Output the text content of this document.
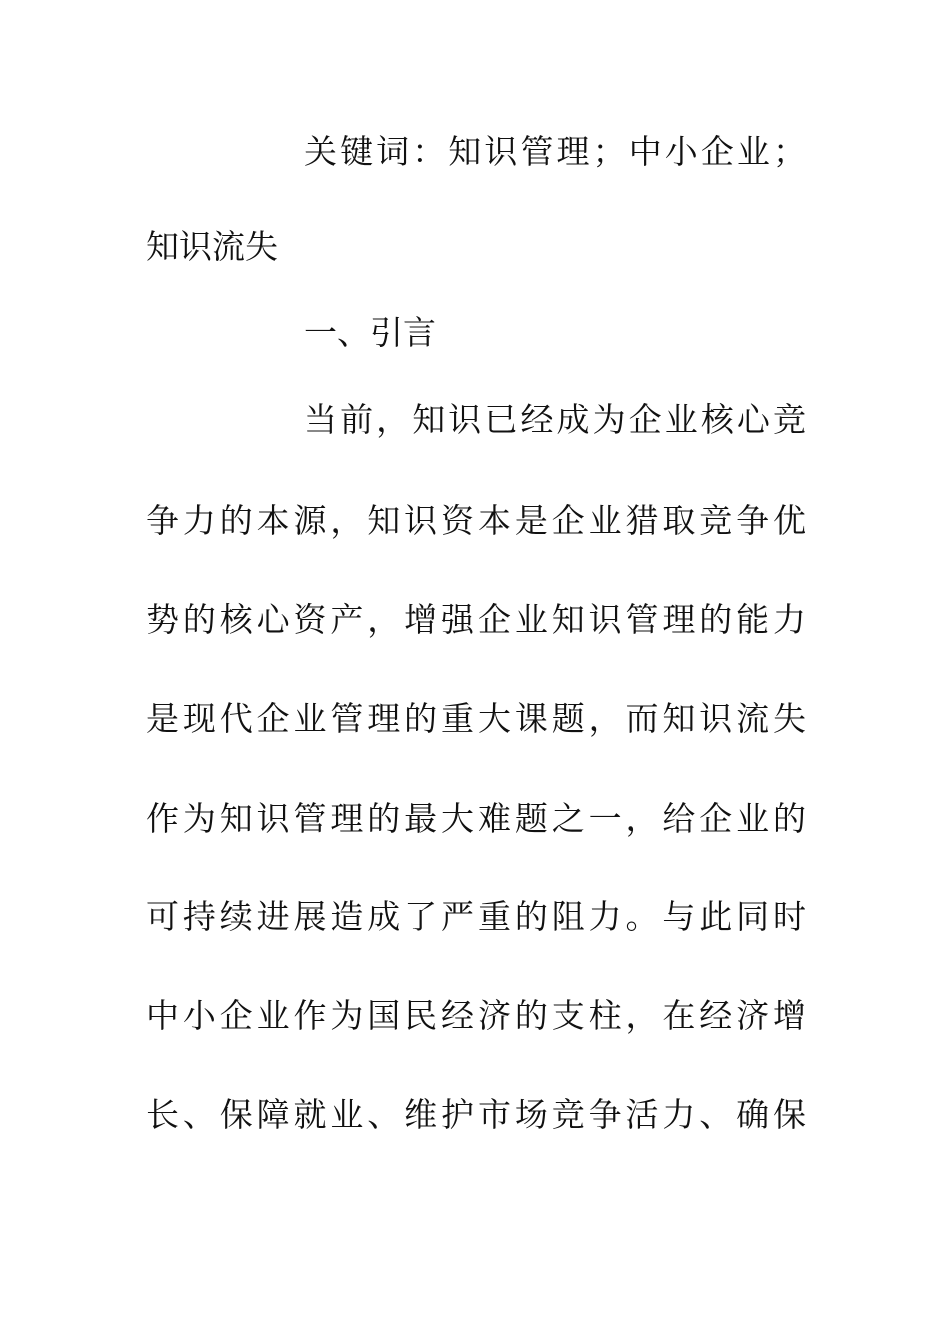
关键词：知识管理；中小企业；
知识流失
一、引言
当前，知识已经成为企业核心竞
争力的本源，知识资本是企业猎取竞争优
势的核心资产，增强企业知识管理的能力
是现代企业管理的重大课题，而知识流失
作为知识管理的最大难题之一，给企业的
可持续进展造成了严重的阻力。与此同时
中小企业作为国民经济的支柱，在经济增
长、保障就业、维护市场竞争活力、确保
